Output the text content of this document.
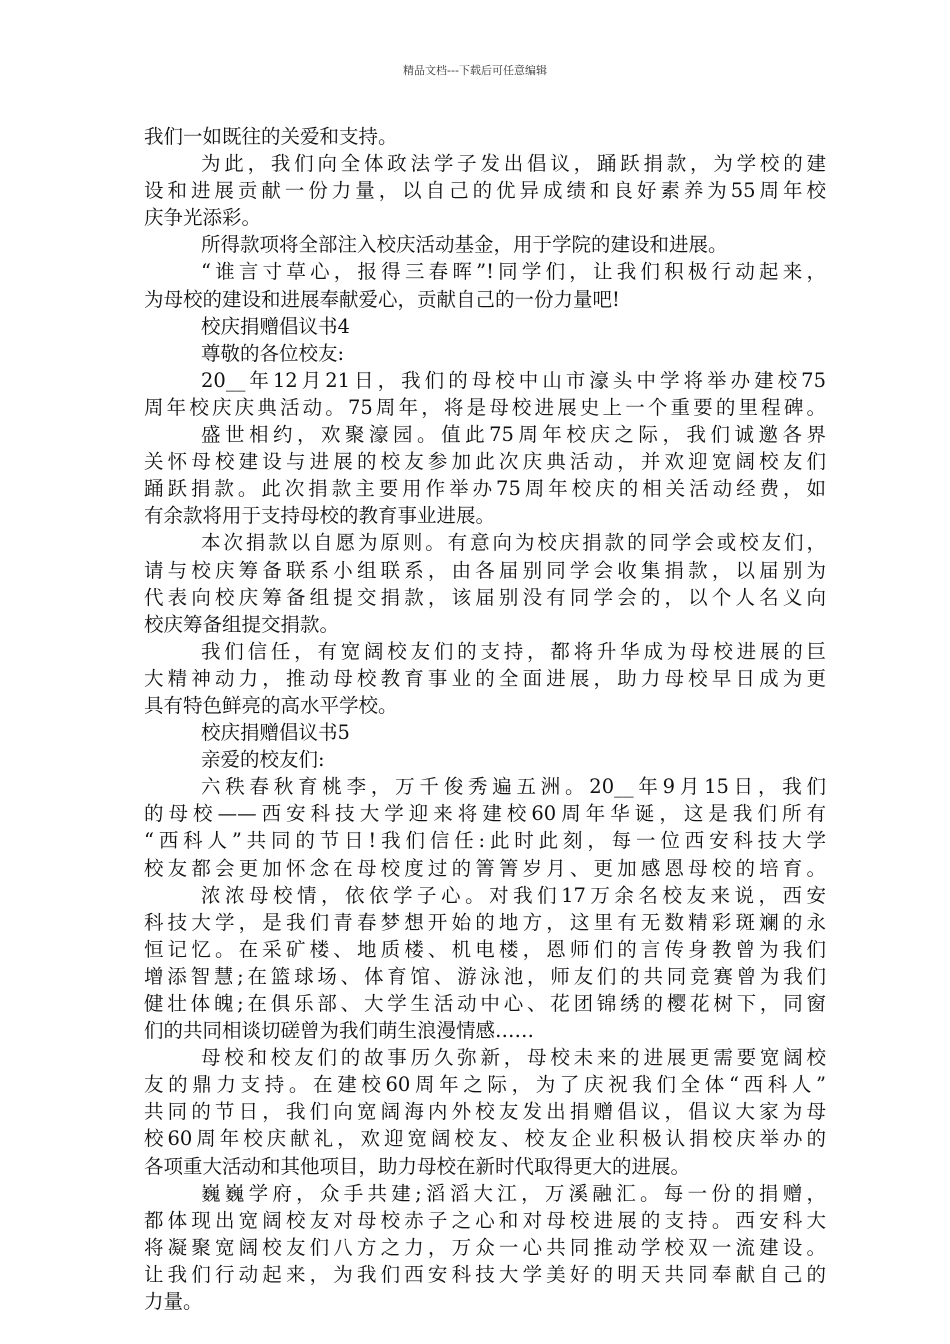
精品文档---下载后可任意编辑
我们一如既往的关爱和支持。
为此，我们向全体政法学子发出倡议，踊跃捐款，为学校的建
设和进展贡献一份力量，以自己的优异成绩和良好素养为55周年校
庆争光添彩。
所得款项将全部注入校庆活动基金，用于学院的建设和进展。
“谁言寸草心，报得三春晖”!同学们，让我们积极行动起来，
为母校的建设和进展奉献爱心，贡献自己的一份力量吧!
校庆捐赠倡议书4
尊敬的各位校友:
20__年12月21日，我们的母校中山市濠头中学将举办建校75
周年校庆庆典活动。75周年，将是母校进展史上一个重要的里程碑。
盛世相约，欢聚濠园。值此75周年校庆之际，我们诚邀各界
关怀母校建设与进展的校友参加此次庆典活动，并欢迎宽阔校友们
踊跃捐款。此次捐款主要用作举办75周年校庆的相关活动经费，如
有余款将用于支持母校的教育事业进展。
本次捐款以自愿为原则。有意向为校庆捐款的同学会或校友们，
请与校庆筹备联系小组联系，由各届别同学会收集捐款，以届别为
代表向校庆筹备组提交捐款，该届别没有同学会的，以个人名义向
校庆筹备组提交捐款。
我们信任，有宽阔校友们的支持，都将升华成为母校进展的巨
大精神动力，推动母校教育事业的全面进展，助力母校早日成为更
具有特色鲜亮的高水平学校。
校庆捐赠倡议书5
亲爱的校友们:
六秩春秋育桃李，万千俊秀遍五洲。20__年9月15日，我们
的母校——西安科技大学迎来将建校60周年华诞，这是我们所有
“西科人”共同的节日!我们信任:此时此刻，每一位西安科技大学
校友都会更加怀念在母校度过的箐箐岁月、更加感恩母校的培育。
浓浓母校情，依依学子心。对我们17万余名校友来说，西安
科技大学，是我们青春梦想开始的地方，这里有无数精彩斑斓的永
恒记忆。在采矿楼、地质楼、机电楼，恩师们的言传身教曾为我们
增添智慧;在篮球场、体育馆、游泳池，师友们的共同竞赛曾为我们
健壮体魄;在俱乐部、大学生活动中心、花团锦绣的樱花树下，同窗
们的共同相谈切磋曾为我们萌生浪漫情感……
母校和校友们的故事历久弥新，母校未来的进展更需要宽阔校
友的鼎力支持。在建校60周年之际，为了庆祝我们全体“西科人”
共同的节日，我们向宽阔海内外校友发出捐赠倡议，倡议大家为母
校60周年校庆献礼，欢迎宽阔校友、校友企业积极认捐校庆举办的
各项重大活动和其他项目，助力母校在新时代取得更大的进展。
巍巍学府，众手共建;滔滔大江，万溪融汇。每一份的捐赠，
都体现出宽阔校友对母校赤子之心和对母校进展的支持。西安科大
将凝聚宽阔校友们八方之力，万众一心共同推动学校双一流建设。
让我们行动起来，为我们西安科技大学美好的明天共同奉献自己的
力量。
